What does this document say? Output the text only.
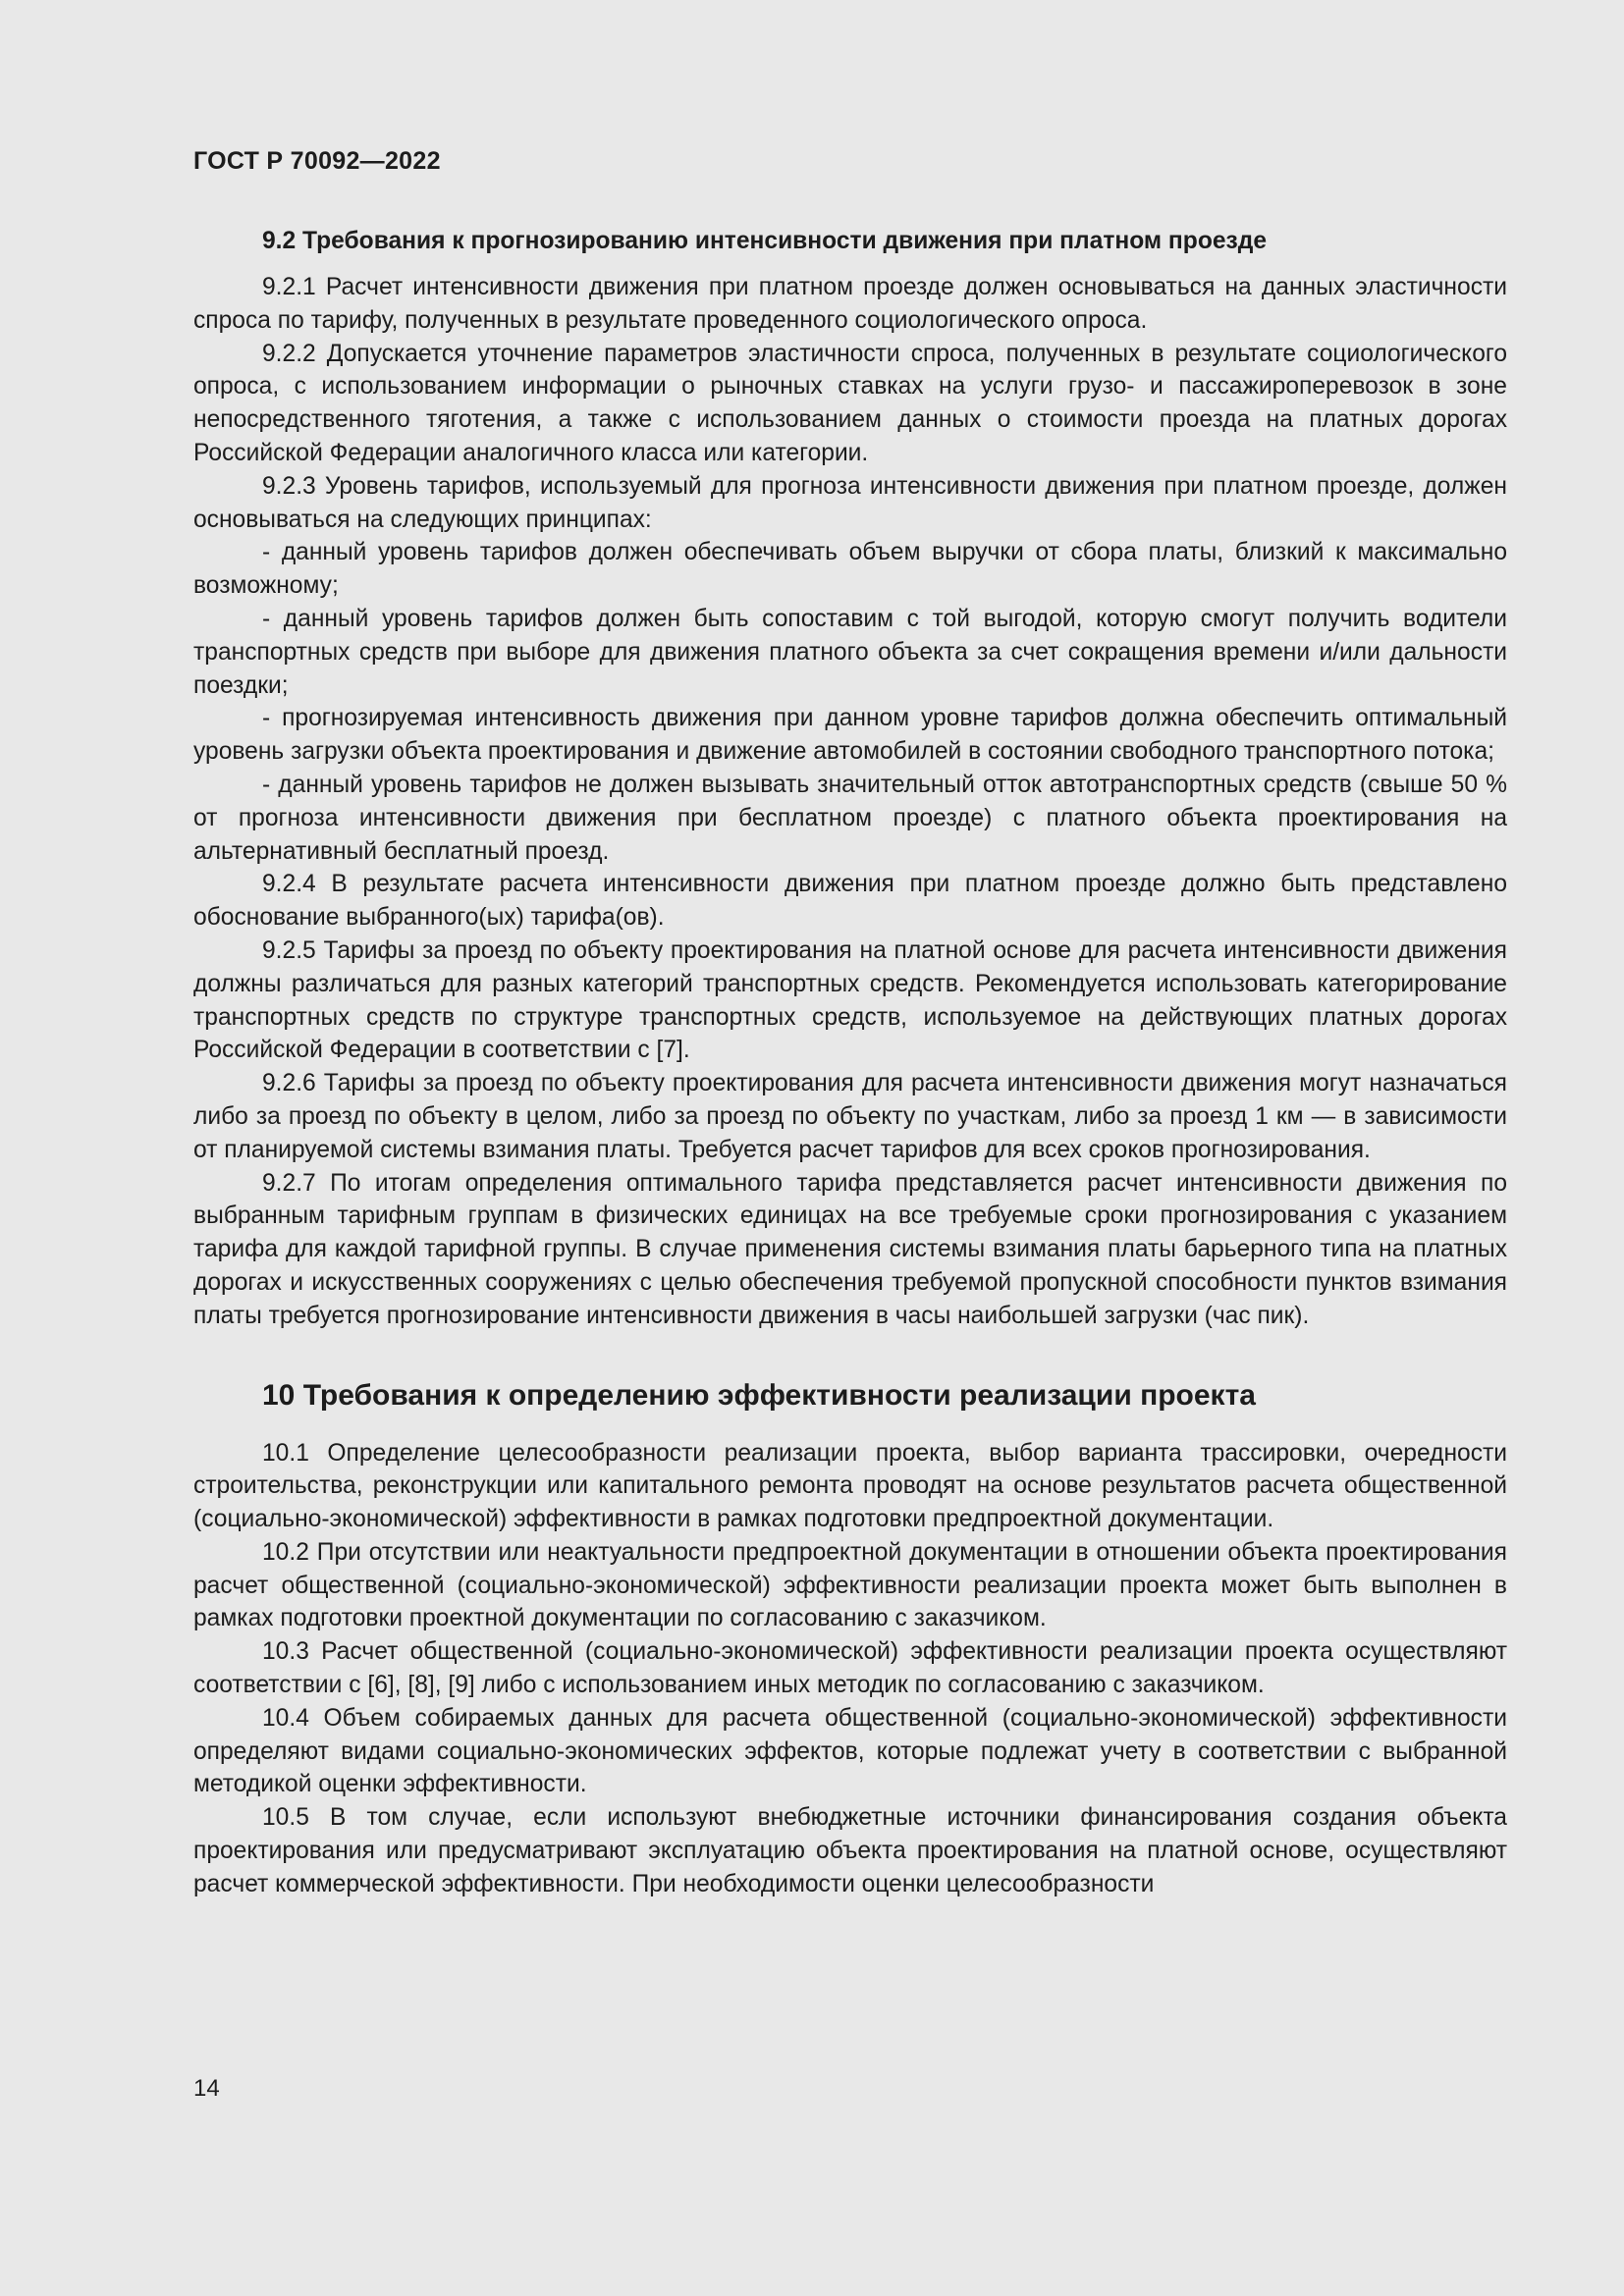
ГОСТ Р 70092—2022
9.2 Требования к прогнозированию интенсивности движения при платном проезде

9.2.1 Расчет интенсивности движения при платном проезде должен основываться на данных эластичности спроса по тарифу, полученных в результате проведенного социологического опроса.

9.2.2 Допускается уточнение параметров эластичности спроса, полученных в результате социологического опроса, с использованием информации о рыночных ставках на услуги грузо- и пассажироперевозок в зоне непосредственного тяготения, а также с использованием данных о стоимости проезда на платных дорогах Российской Федерации аналогичного класса или категории.

9.2.3 Уровень тарифов, используемый для прогноза интенсивности движения при платном проезде, должен основываться на следующих принципах:

- данный уровень тарифов должен обеспечивать объем выручки от сбора платы, близкий к максимально возможному;

- данный уровень тарифов должен быть сопоставим с той выгодой, которую смогут получить водители транспортных средств при выборе для движения платного объекта за счет сокращения времени и/или дальности поездки;

- прогнозируемая интенсивность движения при данном уровне тарифов должна обеспечить оптимальный уровень загрузки объекта проектирования и движение автомобилей в состоянии свободного транспортного потока;

- данный уровень тарифов не должен вызывать значительный отток автотранспортных средств (свыше 50 % от прогноза интенсивности движения при бесплатном проезде) с платного объекта проектирования на альтернативный бесплатный проезд.

9.2.4 В результате расчета интенсивности движения при платном проезде должно быть представлено обоснование выбранного(ых) тарифа(ов).

9.2.5 Тарифы за проезд по объекту проектирования на платной основе для расчета интенсивности движения должны различаться для разных категорий транспортных средств. Рекомендуется использовать категорирование транспортных средств по структуре транспортных средств, используемое на действующих платных дорогах Российской Федерации в соответствии с [7].

9.2.6 Тарифы за проезд по объекту проектирования для расчета интенсивности движения могут назначаться либо за проезд по объекту в целом, либо за проезд по объекту по участкам, либо за проезд 1 км — в зависимости от планируемой системы взимания платы. Требуется расчет тарифов для всех сроков прогнозирования.

9.2.7 По итогам определения оптимального тарифа представляется расчет интенсивности движения по выбранным тарифным группам в физических единицах на все требуемые сроки прогнозирования с указанием тарифа для каждой тарифной группы. В случае применения системы взимания платы барьерного типа на платных дорогах и искусственных сооружениях с целью обеспечения требуемой пропускной способности пунктов взимания платы требуется прогнозирование интенсивности движения в часы наибольшей загрузки (час пик).

10 Требования к определению эффективности реализации проекта

10.1 Определение целесообразности реализации проекта, выбор варианта трассировки, очередности строительства, реконструкции или капитального ремонта проводят на основе результатов расчета общественной (социально-экономической) эффективности в рамках подготовки предпроектной документации.

10.2 При отсутствии или неактуальности предпроектной документации в отношении объекта проектирования расчет общественной (социально-экономической) эффективности реализации проекта может быть выполнен в рамках подготовки проектной документации по согласованию с заказчиком.

10.3 Расчет общественной (социально-экономической) эффективности реализации проекта осуществляют соответствии с [6], [8], [9] либо с использованием иных методик по согласованию с заказчиком.

10.4 Объем собираемых данных для расчета общественной (социально-экономической) эффективности определяют видами социально-экономических эффектов, которые подлежат учету в соответствии с выбранной методикой оценки эффективности.

10.5 В том случае, если используют внебюджетные источники финансирования создания объекта проектирования или предусматривают эксплуатацию объекта проектирования на платной основе, осуществляют расчет коммерческой эффективности. При необходимости оценки целесообразности

14
